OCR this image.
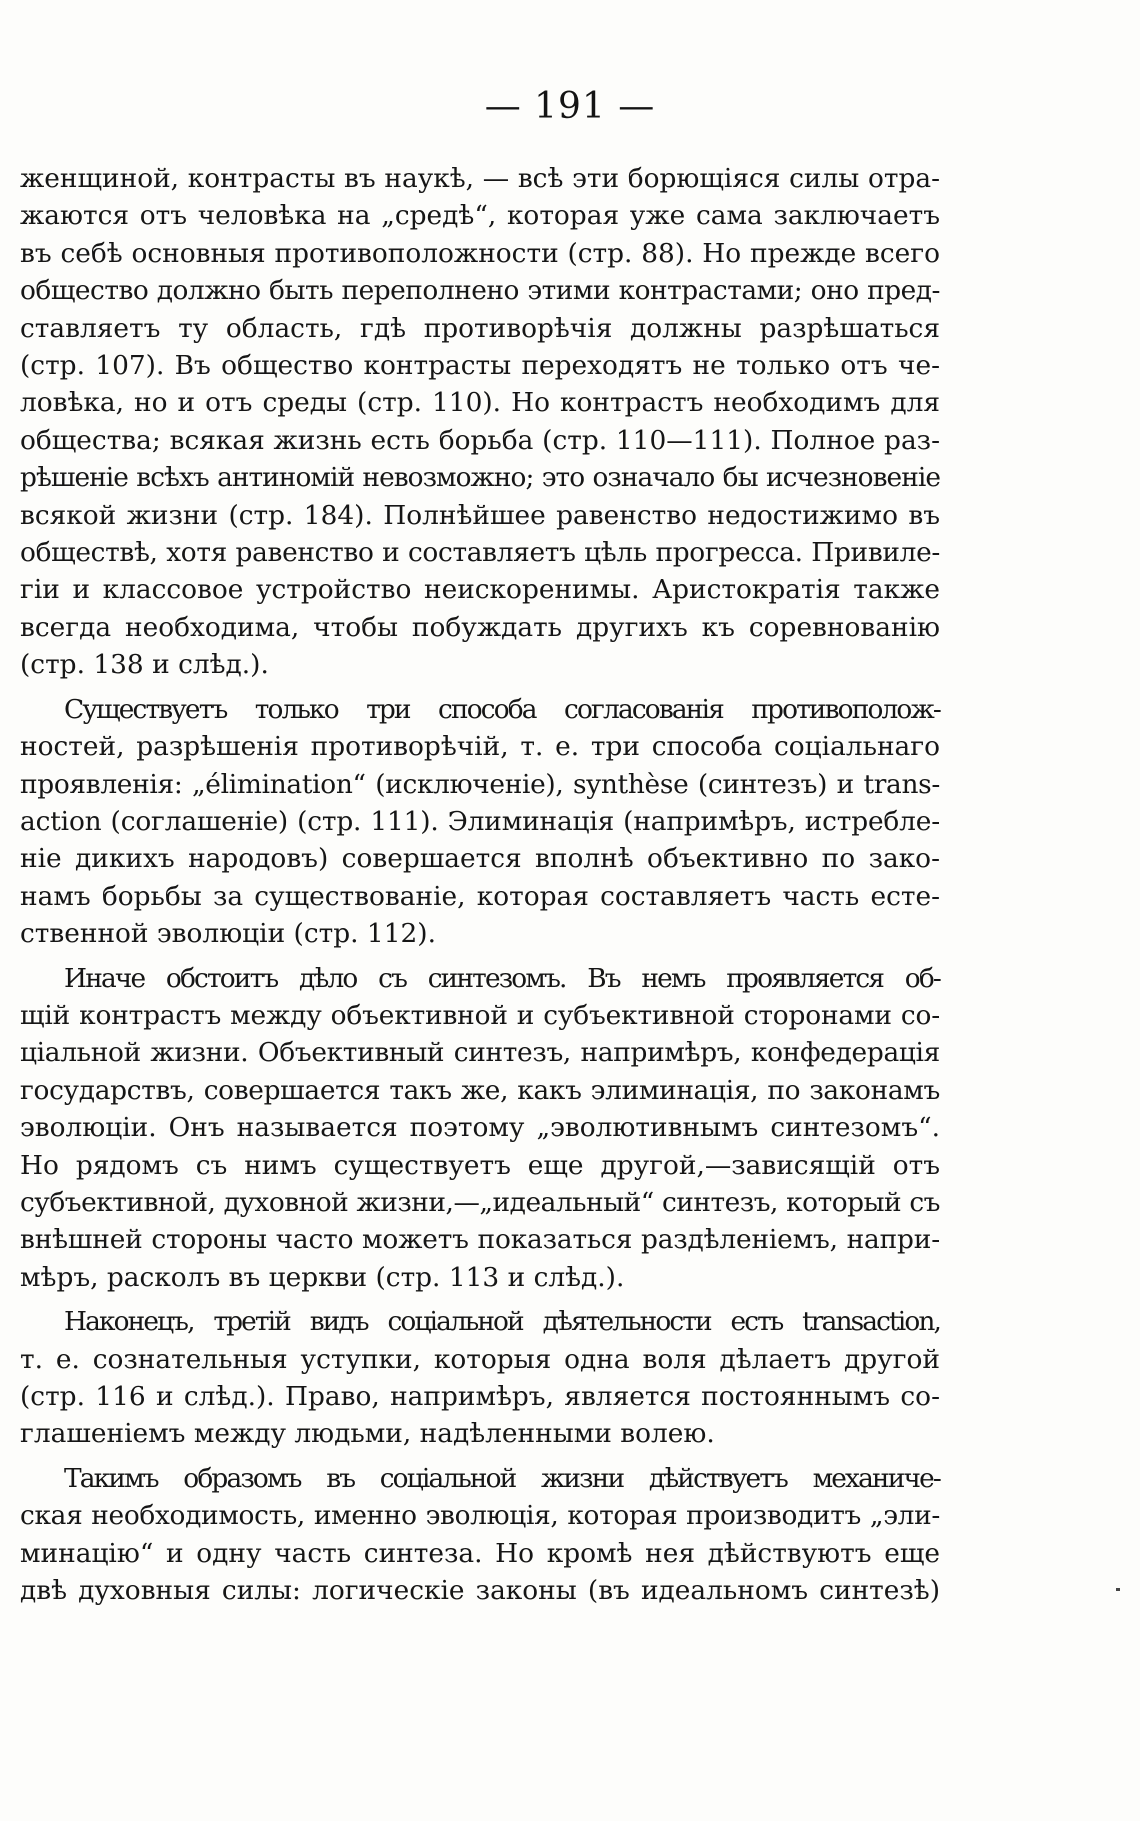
— 191 —

женщиной, контрасты въ наукѣ, — всѣ эти борющіяся силы отра-
жаются отъ человѣка на „средѣ“, которая уже сама заключаетъ
въ себѣ основныя противоположности (стр. 88). Но прежде всего
общество должно быть переполнено этими контрастами; оно пред-
ставляетъ ту область, гдѣ противорѣчія должны разрѣшаться
(стр. 107). Въ общество контрасты переходятъ не только отъ че-
ловѣка, но и отъ среды (стр. 110). Но контрастъ необходимъ для
общества; всякая жизнь есть борьба (стр. 110—111). Полное раз-
рѣшеніе всѣхъ антиномій невозможно; это означало бы исчезновеніе
всякой жизни (стр. 184). Полнѣйшее равенство недостижимо въ
обществѣ, хотя равенство и составляетъ цѣль прогресса. Привиле-
гіи и классовое устройство неискоренимы. Аристократія также
всегда необходима, чтобы побуждать другихъ къ соревнованію
(стр. 138 и слѣд.).

Существуетъ только три способа согласованія противополож-
ностей, разрѣшенія противорѣчій, т. е. три способа соціальнаго
проявленія: „élimination“ (исключеніе), synthèse (синтезъ) и trans-
action (соглашеніе) (стр. 111). Элиминація (напримѣръ, истребле-
ніе дикихъ народовъ) совершается вполнѣ объективно по зако-
намъ борьбы за существованіе, которая составляетъ часть есте-
ственной эволюціи (стр. 112).

Иначе обстоитъ дѣло съ синтезомъ. Въ немъ проявляется об-
щій контрастъ между объективной и субъективной сторонами со-
ціальной жизни. Объективный синтезъ, напримѣръ, конфедерація
государствъ, совершается такъ же, какъ элиминація, по законамъ
эволюціи. Онъ называется поэтому „эволютивнымъ синтезомъ“.
Но рядомъ съ нимъ существуетъ еще другой,—зависящій отъ
субъективной, духовной жизни,—„идеальный“ синтезъ, который съ
внѣшней стороны часто можетъ показаться раздѣленіемъ, напри-
мѣръ, расколъ въ церкви (стр. 113 и слѣд.).

Наконецъ, третій видъ соціальной дѣятельности есть transaction,
т. е. сознательныя уступки, которыя одна воля дѣлаетъ другой
(стр. 116 и слѣд.). Право, напримѣръ, является постояннымъ со-
глашеніемъ между людьми, надѣленными волею.

Такимъ образомъ въ соціальной жизни дѣйствуетъ механиче-
ская необходимость, именно эволюція, которая производитъ „эли-
минацію“ и одну часть синтеза. Но кромѣ нея дѣйствуютъ еще
двѣ духовныя силы: логическіе законы (въ идеальномъ синтезѣ)
